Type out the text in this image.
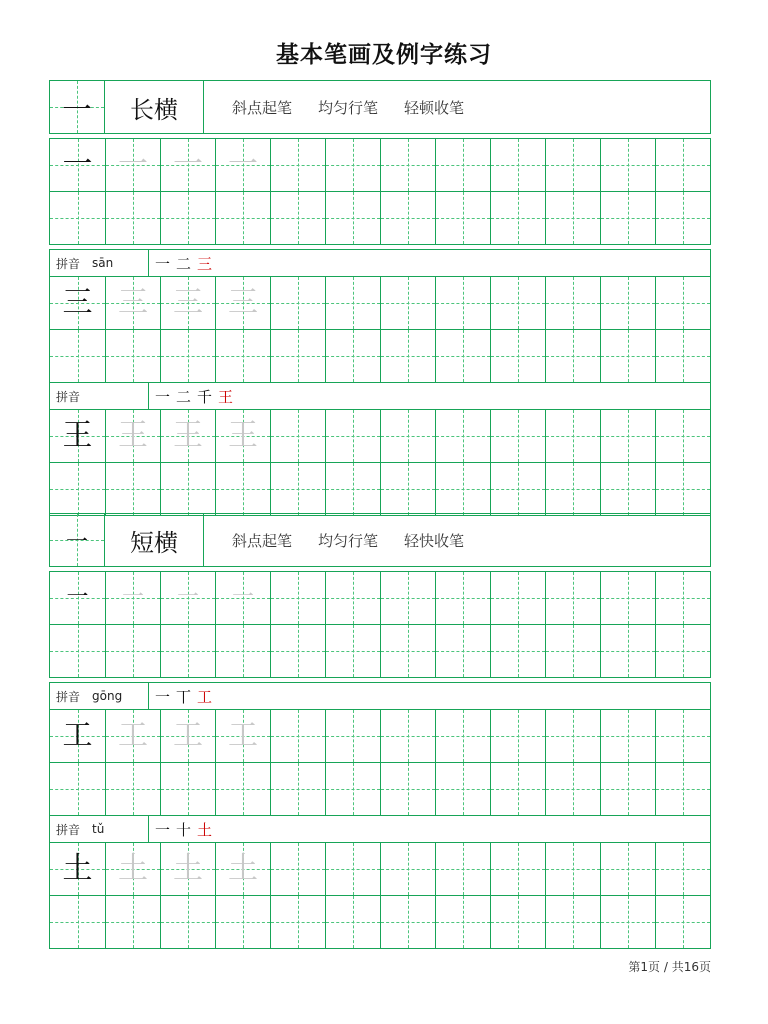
基本笔画及例字练习
一	长横	斜点起笔 均匀行笔 轻顿收笔
一 一 一 一
拼音 sān	一 二 三
三 三 三 三
拼音	一 二 千 王
王 王 王 王
一	短横	斜点起笔 均匀行笔 轻快收笔
一	一	一	一
拼音 gōng 一 丅 工
工 工 工 工
拼音 tǔ	一 十 土
土 土 土 土
第1页 / 共16页
